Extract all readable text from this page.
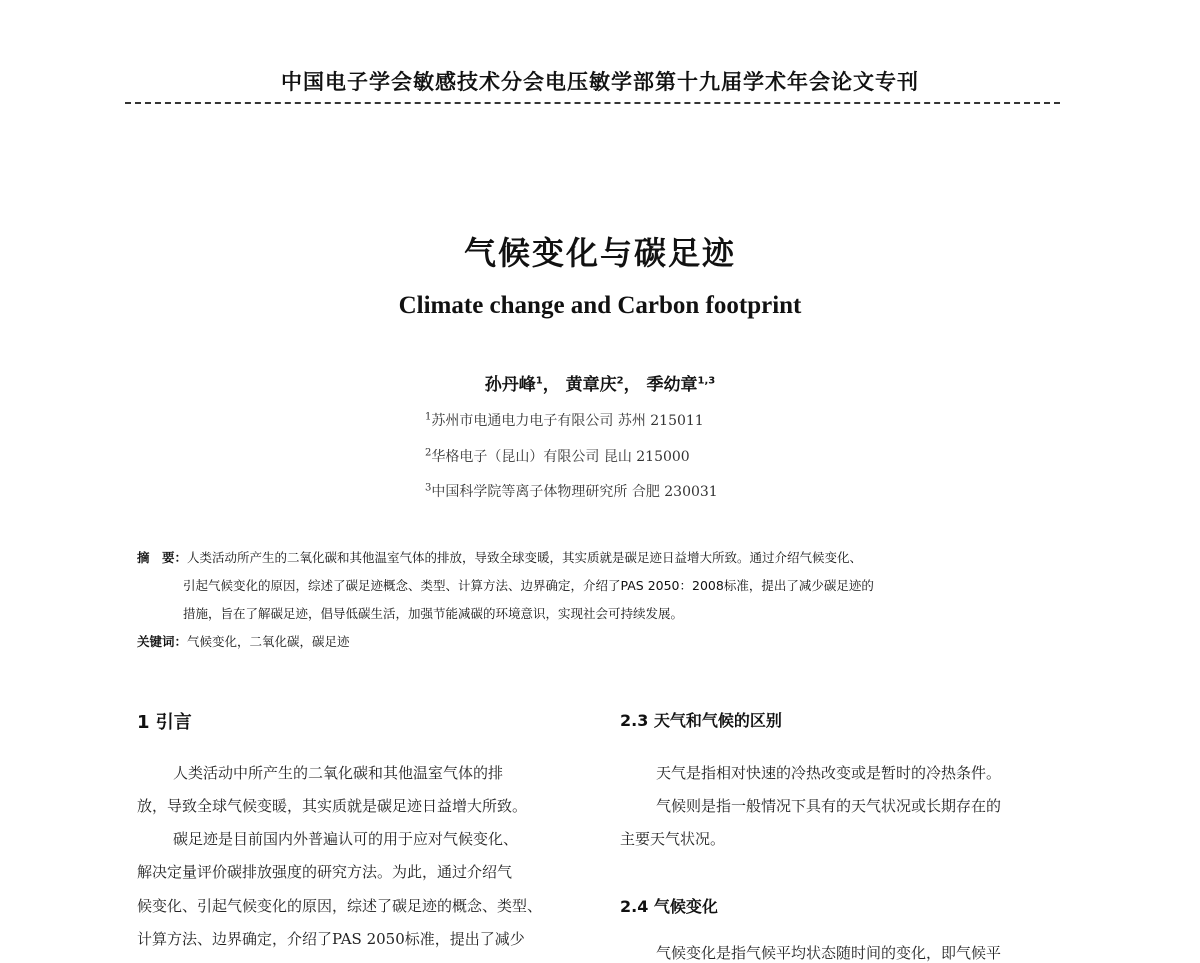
中国电子学会敏感技术分会电压敏学部第十九届学术年会论文专刊
气候变化与碳足迹
Climate change and Carbon footprint
孙丹峰$^1$， 黄章庆$^2$， 季幼章$^{1,3}$
$^1$苏州市电通电力电子有限公司 苏州 215011
$^2$华格电子（昆山）有限公司 昆山 215000
$^3$中国科学院等离子体物理研究所 合肥 230031
摘　要：人类活动所产生的二氧化碳和其他温室气体的排放，导致全球变暖，其实质就是碳足迹日益增大所致。通过介绍气候变化、
引起气候变化的原因，综述了碳足迹概念、类型、计算方法、边界确定，介绍了PAS 2050：2008标准，提出了减少碳足迹的
措施，旨在了解碳足迹，倡导低碳生活，加强节能减碳的环境意识，实现社会可持续发展。
关键词：气候变化，二氧化碳，碳足迹
1 引言
人类活动中所产生的二氧化碳和其他温室气体的排
放，导致全球气候变暖，其实质就是碳足迹日益增大所致。
碳足迹是目前国内外普遍认可的用于应对气候变化、
解决定量评价碳排放强度的研究方法。为此，通过介绍气
候变化、引起气候变化的原因，综述了碳足迹的概念、类型、
计算方法、边界确定，介绍了PAS 2050标准，提出了减少
2.3 天气和气候的区别
天气是指相对快速的冷热改变或是暂时的冷热条件。
气候则是指一般情况下具有的天气状况或长期存在的
主要天气状况。
2.4 气候变化
气候变化是指气候平均状态随时间的变化，即气候平
